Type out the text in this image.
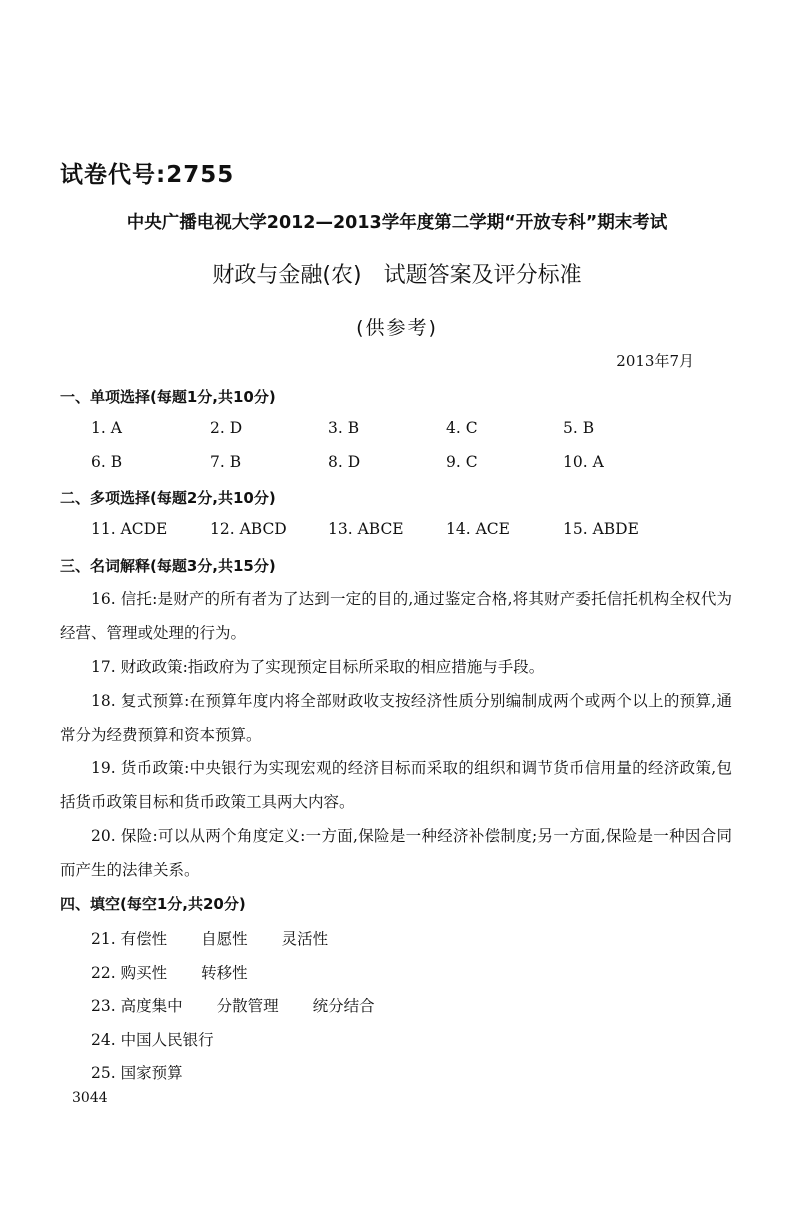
试卷代号:2755
中央广播电视大学2012—2013学年度第二学期“开放专科”期末考试
财政与金融(农)　试题答案及评分标准
(供参考)
2013年7月
一、单项选择(每题1分,共10分)
1. A	2. D	3. B	4. C	5. B
6. B	7. B	8. D	9. C	10. A
二、多项选择(每题2分,共10分)
11. ACDE	12. ABCD	13. ABCE	14. ACE	15. ABDE
三、名词解释(每题3分,共15分)
16. 信托:是财产的所有者为了达到一定的目的,通过鉴定合格,将其财产委托信托机构全权代为经营、管理或处理的行为。
17. 财政政策:指政府为了实现预定目标所采取的相应措施与手段。
18. 复式预算:在预算年度内将全部财政收支按经济性质分别编制成两个或两个以上的预算,通常分为经费预算和资本预算。
19. 货币政策:中央银行为实现宏观的经济目标而采取的组织和调节货币信用量的经济政策,包括货币政策目标和货币政策工具两大内容。
20. 保险:可以从两个角度定义:一方面,保险是一种经济补偿制度;另一方面,保险是一种因合同而产生的法律关系。
四、填空(每空1分,共20分)
21. 有偿性 自愿性 灵活性
22. 购买性 转移性
23. 高度集中 分散管理 统分结合
24. 中国人民银行
25. 国家预算
3044
